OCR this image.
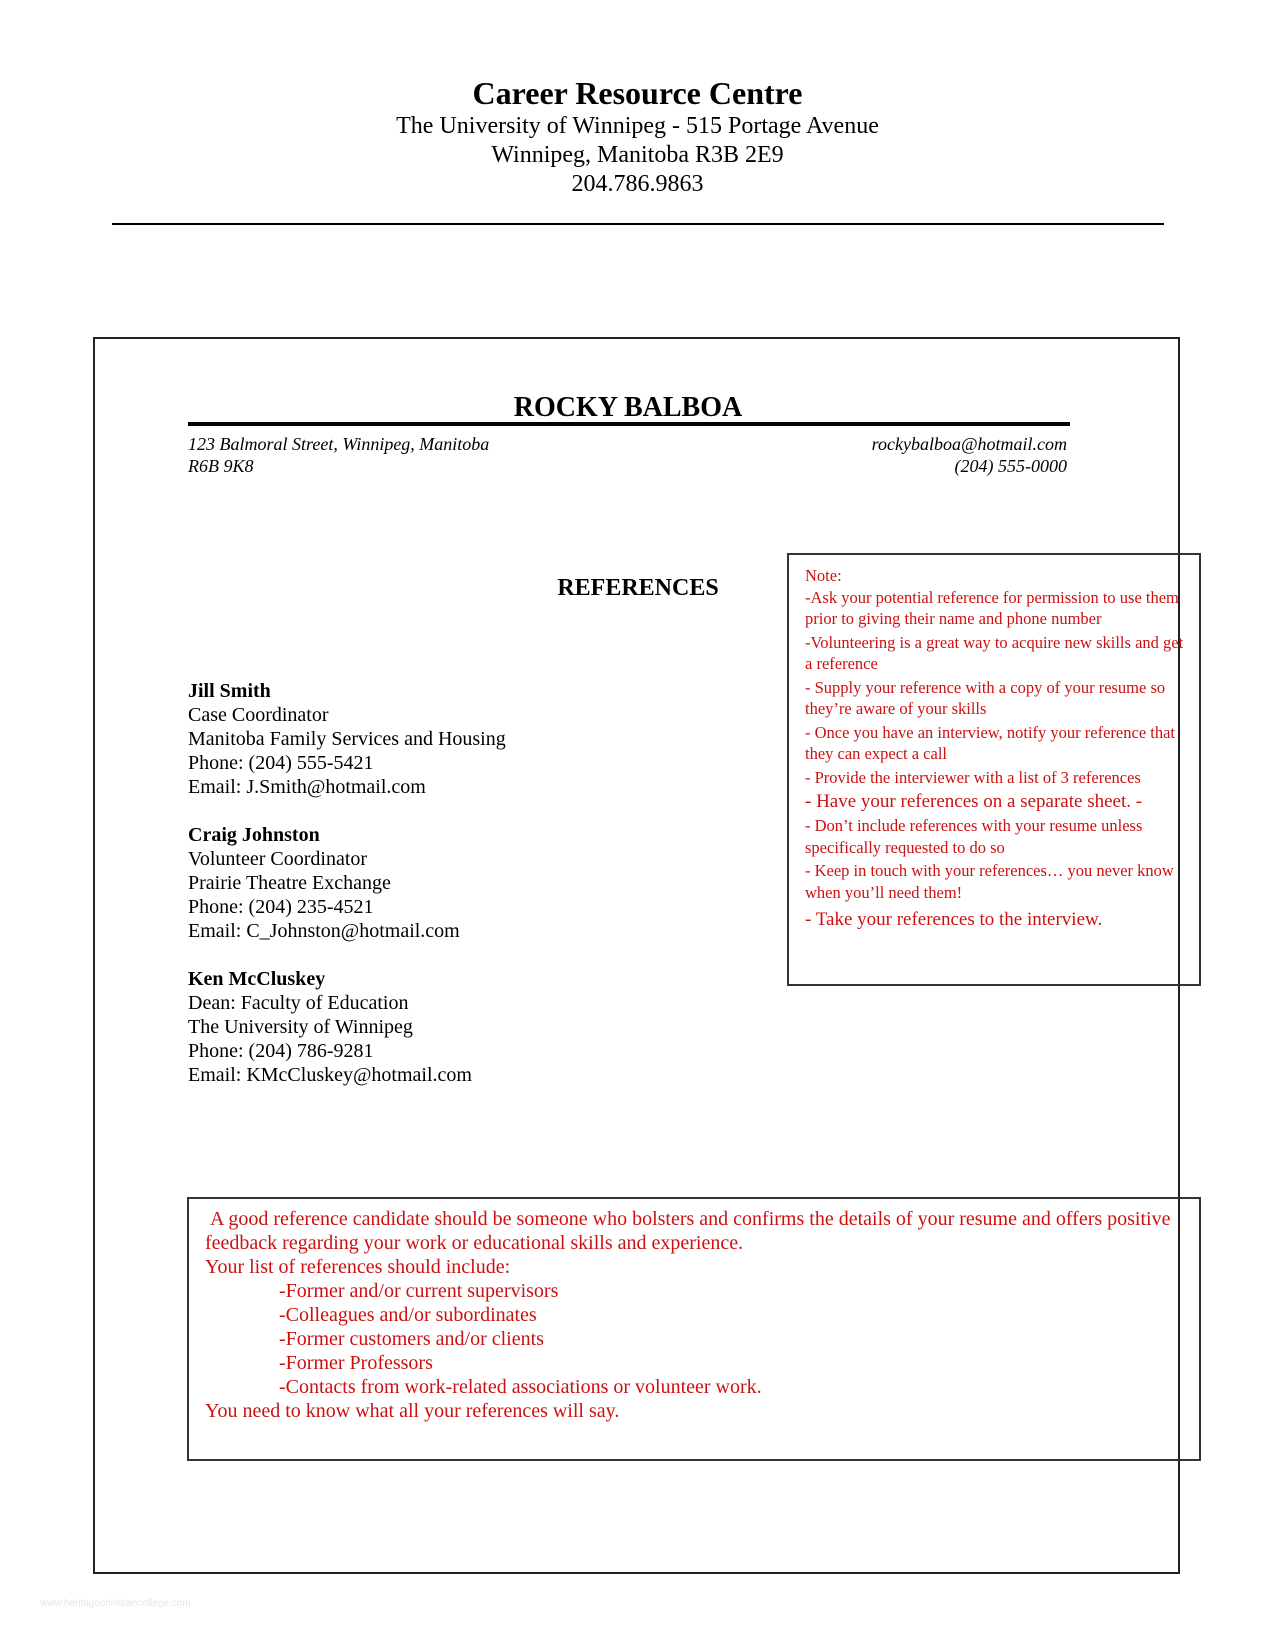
Career Resource Centre
The University of Winnipeg - 515 Portage Avenue
Winnipeg, Manitoba R3B 2E9
204.786.9863
ROCKY BALBOA
123 Balmoral Street, Winnipeg, Manitoba
R6B 9K8
rockybalboa@hotmail.com
(204) 555-0000
REFERENCES
Jill Smith
Case Coordinator
Manitoba Family Services and Housing
Phone: (204) 555-5421
Email: J.Smith@hotmail.com
Craig Johnston
Volunteer Coordinator
Prairie Theatre Exchange
Phone: (204) 235-4521
Email: C_Johnston@hotmail.com
Ken McCluskey
Dean: Faculty of Education
The University of Winnipeg
Phone: (204) 786-9281
Email: KMcCluskey@hotmail.com
Note:
-Ask your potential reference for permission to use them prior to giving their name and phone number
-Volunteering is a great way to acquire new skills and get a reference
- Supply your reference with a copy of your resume so they’re aware of your skills
- Once you have an interview, notify your reference that they can expect a call
- Provide the interviewer with a list of 3 references
- Have your references on a separate sheet. -
- Don’t include references with your resume unless specifically requested to do so
- Keep in touch with your references… you never know when you’ll need them!
- Take your references to the interview.
A good reference candidate should be someone who bolsters and confirms the details of your resume and offers positive feedback regarding your work or educational skills and experience.
Your list of references should include:
-Former and/or current supervisors
-Colleagues and/or subordinates
-Former customers and/or clients
-Former Professors
-Contacts from work-related associations or volunteer work.
You need to know what all your references will say.
www.heritagechristiancollege.com
